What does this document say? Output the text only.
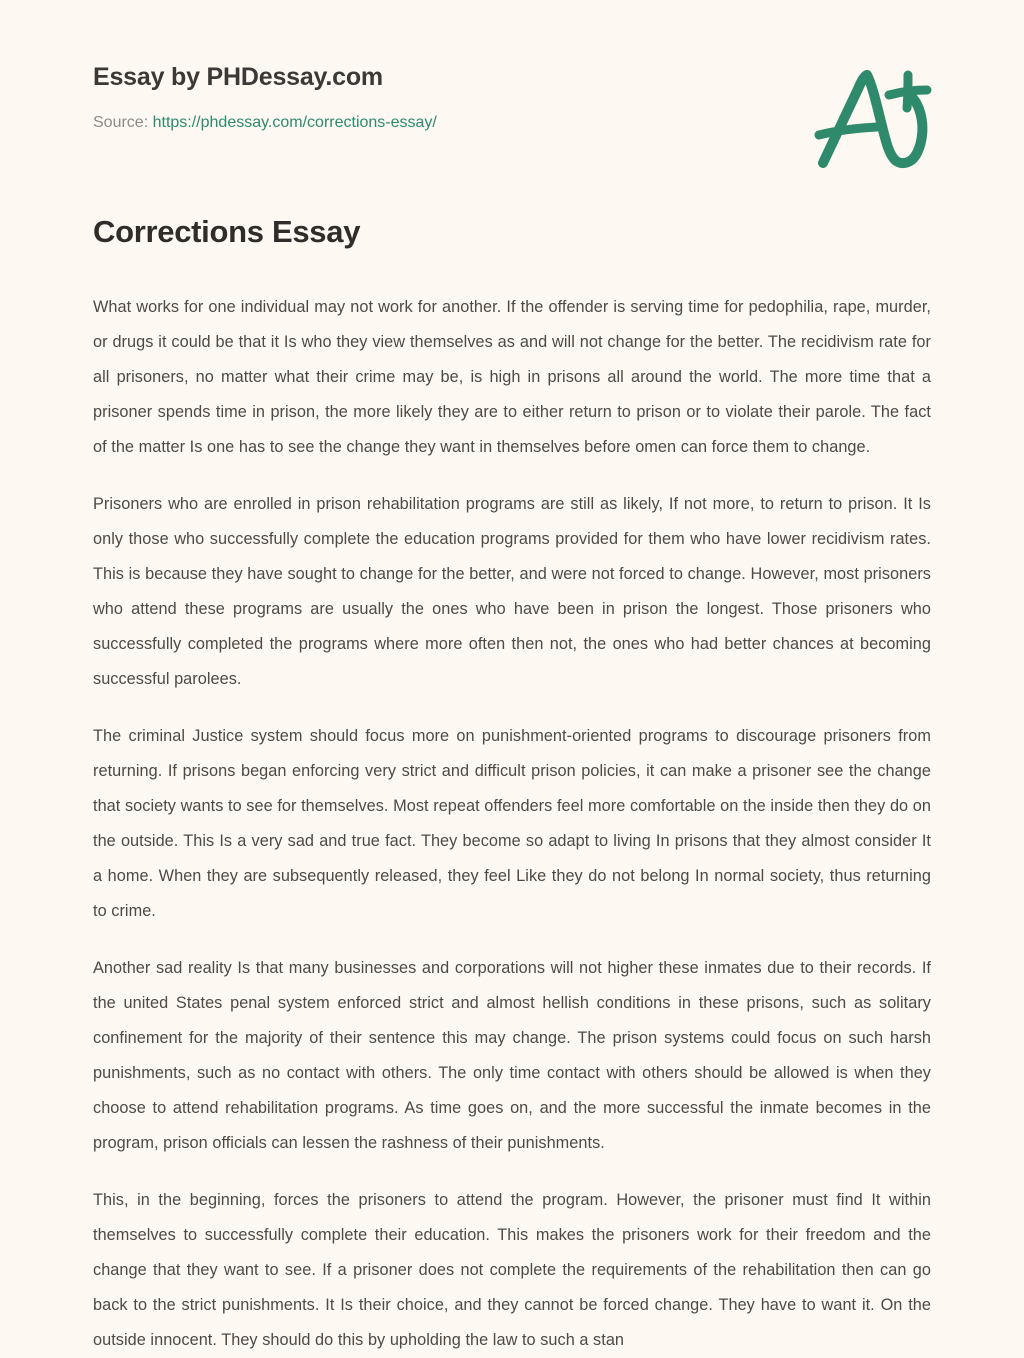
Essay by PHDessay.com
Source: https://phdessay.com/corrections-essay/
Corrections Essay

What works for one individual may not work for another. If the offender is serving time for pedophilia, rape, murder, or drugs it could be that it Is who they view themselves as and will not change for the better. The recidivism rate for all prisoners, no matter what their crime may be, is high in prisons all around the world. The more time that a prisoner spends time in prison, the more likely they are to either return to prison or to violate their parole. The fact of the matter Is one has to see the change they want in themselves before omen can force them to change.

Prisoners who are enrolled in prison rehabilitation programs are still as likely, If not more, to return to prison. It Is only those who successfully complete the education programs provided for them who have lower recidivism rates. This is because they have sought to change for the better, and were not forced to change. However, most prisoners who attend these programs are usually the ones who have been in prison the longest. Those prisoners who successfully completed the programs where more often then not, the ones who had better chances at becoming successful parolees.

The criminal Justice system should focus more on punishment-oriented programs to discourage prisoners from returning. If prisons began enforcing very strict and difficult prison policies, it can make a prisoner see the change that society wants to see for themselves. Most repeat offenders feel more comfortable on the inside then they do on the outside. This Is a very sad and true fact. They become so adapt to living In prisons that they almost consider It a home. When they are subsequently released, they feel Like they do not belong In normal society, thus returning to crime.

Another sad reality Is that many businesses and corporations will not higher these inmates due to their records. If the united States penal system enforced strict and almost hellish conditions in these prisons, such as solitary confinement for the majority of their sentence this may change. The prison systems could focus on such harsh punishments, such as no contact with others. The only time contact with others should be allowed is when they choose to attend rehabilitation programs. As time goes on, and the more successful the inmate becomes in the program, prison officials can lessen the rashness of their punishments.

This, in the beginning, forces the prisoners to attend the program. However, the prisoner must find It within themselves to successfully complete their education. This makes the prisoners work for their freedom and the change that they want to see. If a prisoner does not complete the requirements of the rehabilitation then can go back to the strict punishments. It Is their choice, and they cannot be forced change. They have to want it. On the outside innocent. They should do this by upholding the law to such a stan
